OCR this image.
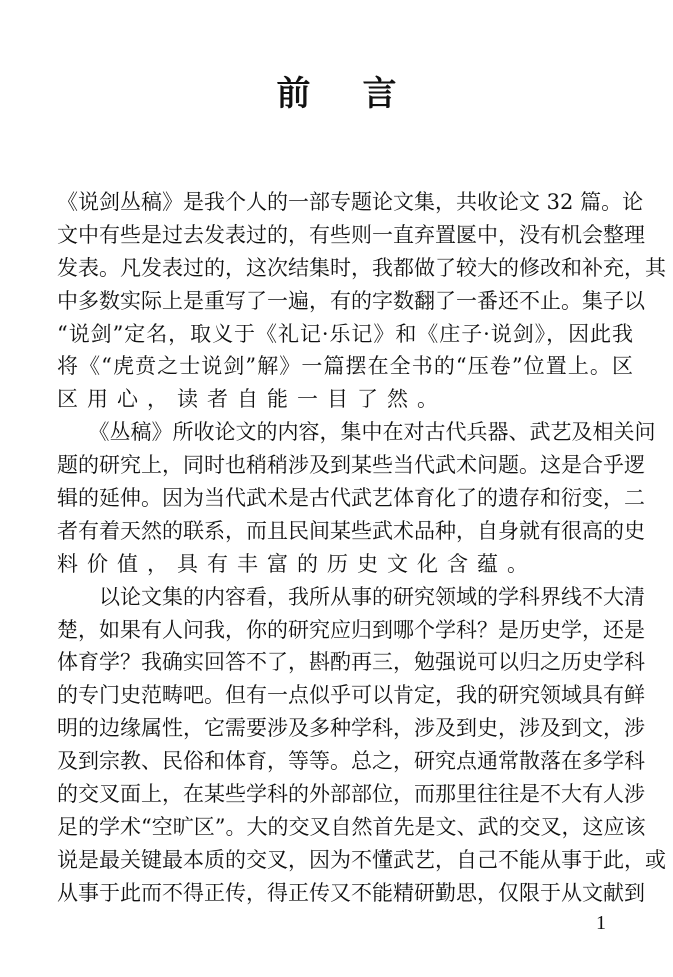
前 言
《说剑丛稿》是我个人的一部专题论文集，共收论文 32 篇。论
文中有些是过去发表过的，有些则一直弃置匽中，没有机会整理
发表。凡发表过的，这次结集时，我都做了较大的修改和补充，其
中多数实际上是重写了一遍，有的字数翻了一番还不止。集子以
“说剑”定名，取义于《礼记·乐记》和《庄子·说剑》，因此我
将《“虎贲之士说剑”解》一篇摆在全书的“压卷”位置上。区
区用心，读者自能一目了然。
　　《丛稿》所收论文的内容，集中在对古代兵器、武艺及相关问
题的研究上，同时也稍稍涉及到某些当代武术问题。这是合乎逻
辑的延伸。因为当代武术是古代武艺体育化了的遗存和衍变，二
者有着天然的联系，而且民间某些武术品种，自身就有很高的史
料价值，具有丰富的历史文化含蕴。
　　以论文集的内容看，我所从事的研究领域的学科界线不大清
楚，如果有人问我，你的研究应归到哪个学科？是历史学，还是
体育学？我确实回答不了，斟酌再三，勉强说可以归之历史学科
的专门史范畴吧。但有一点似乎可以肯定，我的研究领域具有鲜
明的边缘属性，它需要涉及多种学科，涉及到史，涉及到文，涉
及到宗教、民俗和体育，等等。总之，研究点通常散落在多学科
的交叉面上，在某些学科的外部部位，而那里往往是不大有人涉
足的学术“空旷区”。大的交叉自然首先是文、武的交叉，这应该
说是最关键最本质的交叉，因为不懂武艺，自己不能从事于此，或
从事于此而不得正传，得正传又不能精研勤思，仅限于从文献到
1
